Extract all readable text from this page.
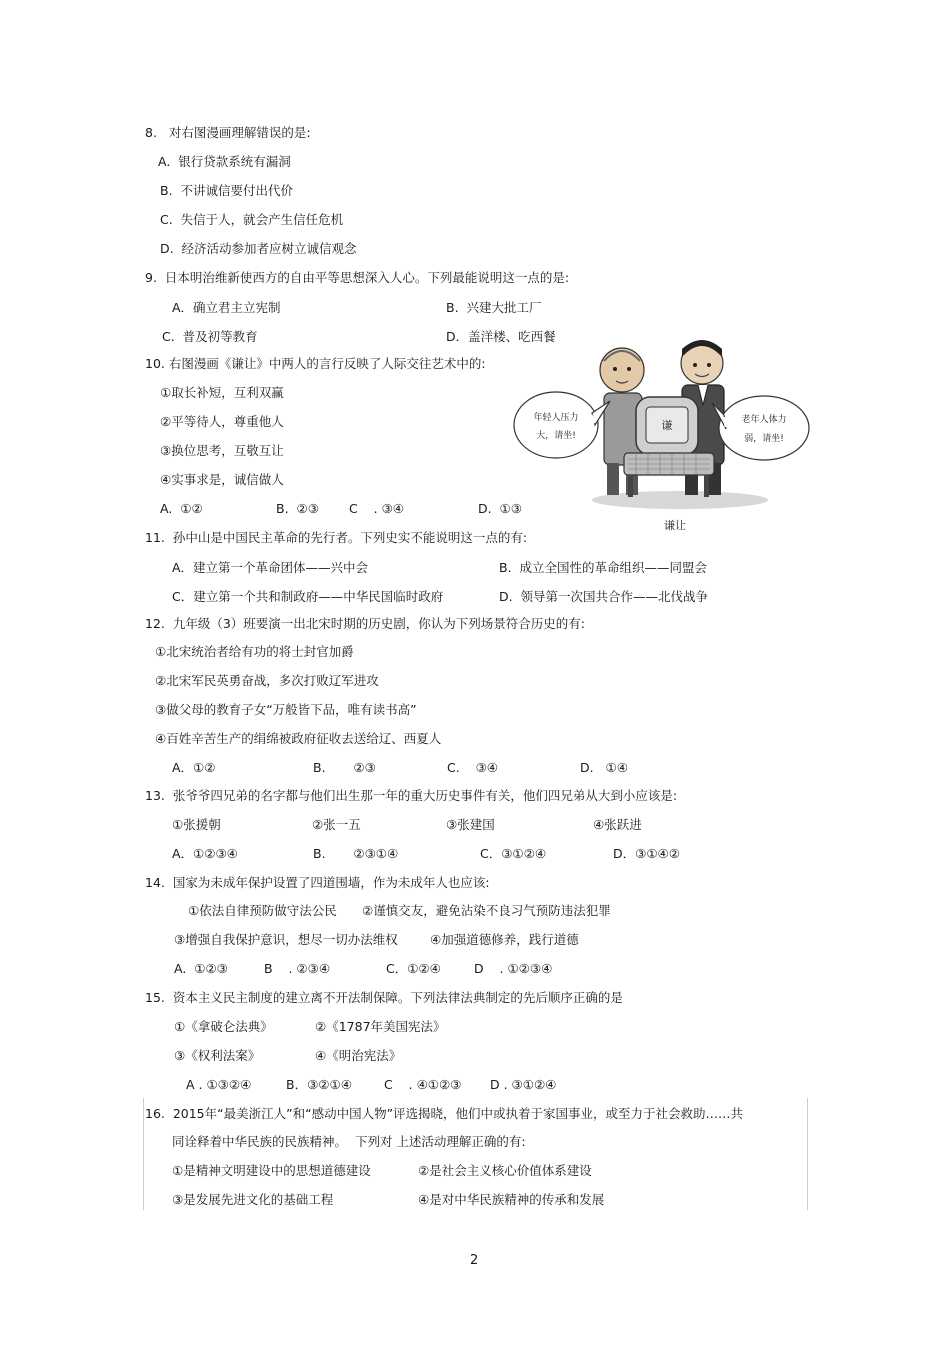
8.   对右图漫画理解错误的是:
A.  银行贷款系统有漏洞
B.  不讲诚信要付出代价
C.  失信于人，就会产生信任危机
D.  经济活动参加者应树立诚信观念
9.  日本明治维新使西方的自由平等思想深入人心。下列最能说明这一点的是:
A．确立君主立宪制	B.  兴建大批工厂
C.  普及初等教育	D．盖洋楼、吃西餐
10. 右图漫画《谦让》中两人的言行反映了人际交往艺术中的:
①取长补短，互利双赢
②平等待人，尊重他人
③换位思考，互敬互让
④实事求是，诚信做人
A.  ①②	B.  ②③ C    . ③④	D.  ①③
谦
年轻人压力
大，请坐!
老年人体力
弱，请坐!
谦让
11.  孙中山是中国民主革命的先行者。下列史实不能说明这一点的有:
A．建立第一个革命团体——兴中会	B.  成立全国性的革命组织——同盟会
C．建立第一个共和制政府——中华民国临时政府	D.  领导第一次国共合作——北伐战争
12.  九年级（3）班要演一出北宋时期的历史剧，你认为下列场景符合历史的有:
①北宋统治者给有功的将士封官加爵
②北宋军民英勇奋战，多次打败辽军进攻
③做父母的教育子女“万般皆下品，唯有读书高”
④百姓辛苦生产的绢绵被政府征收去送给辽、西夏人
A．①②	B.       ②③	C.    ③④	D.   ①④
13.  张爷爷四兄弟的名字都与他们出生那一年的重大历史事件有关，他们四兄弟从大到小应该是:
①张援朝	②张一五	③张建国	④张跃进
A．①②③④	B.       ②③①④	C．③①②④	D．③①④②
14.  国家为未成年保护设置了四道围墙，作为未成年人也应该:
①依法自律预防做守法公民 ②谨慎交友，避免沾染不良习气预防违法犯罪
③增强自我保护意识，想尽一切办法维权	④加强道德修养，践行道德
A.  ①②③	B    . ②③④	C．①②④	D    . ①②③④
15.  资本主义民主制度的建立离不开法制保障。下列法律法典制定的先后顺序正确的是
①《拿破仑法典》	②《1787年美国宪法》
③《权利法案》	④《明治宪法》
A . ①③②④	B．③②①④	C    . ④①②③ D . ③①②④
16.  2015年“最美浙江人”和“感动中国人物”评选揭晓，他们中或执着于家国事业，或至力于社会救助……共
同诠释着中华民族的民族精神。  下列对 上述活动理解正确的有:
①是精神文明建设中的思想道德建设	②是社会主义核心价值体系建设
③是发展先进文化的基础工程	④是对中华民族精神的传承和发展
2
